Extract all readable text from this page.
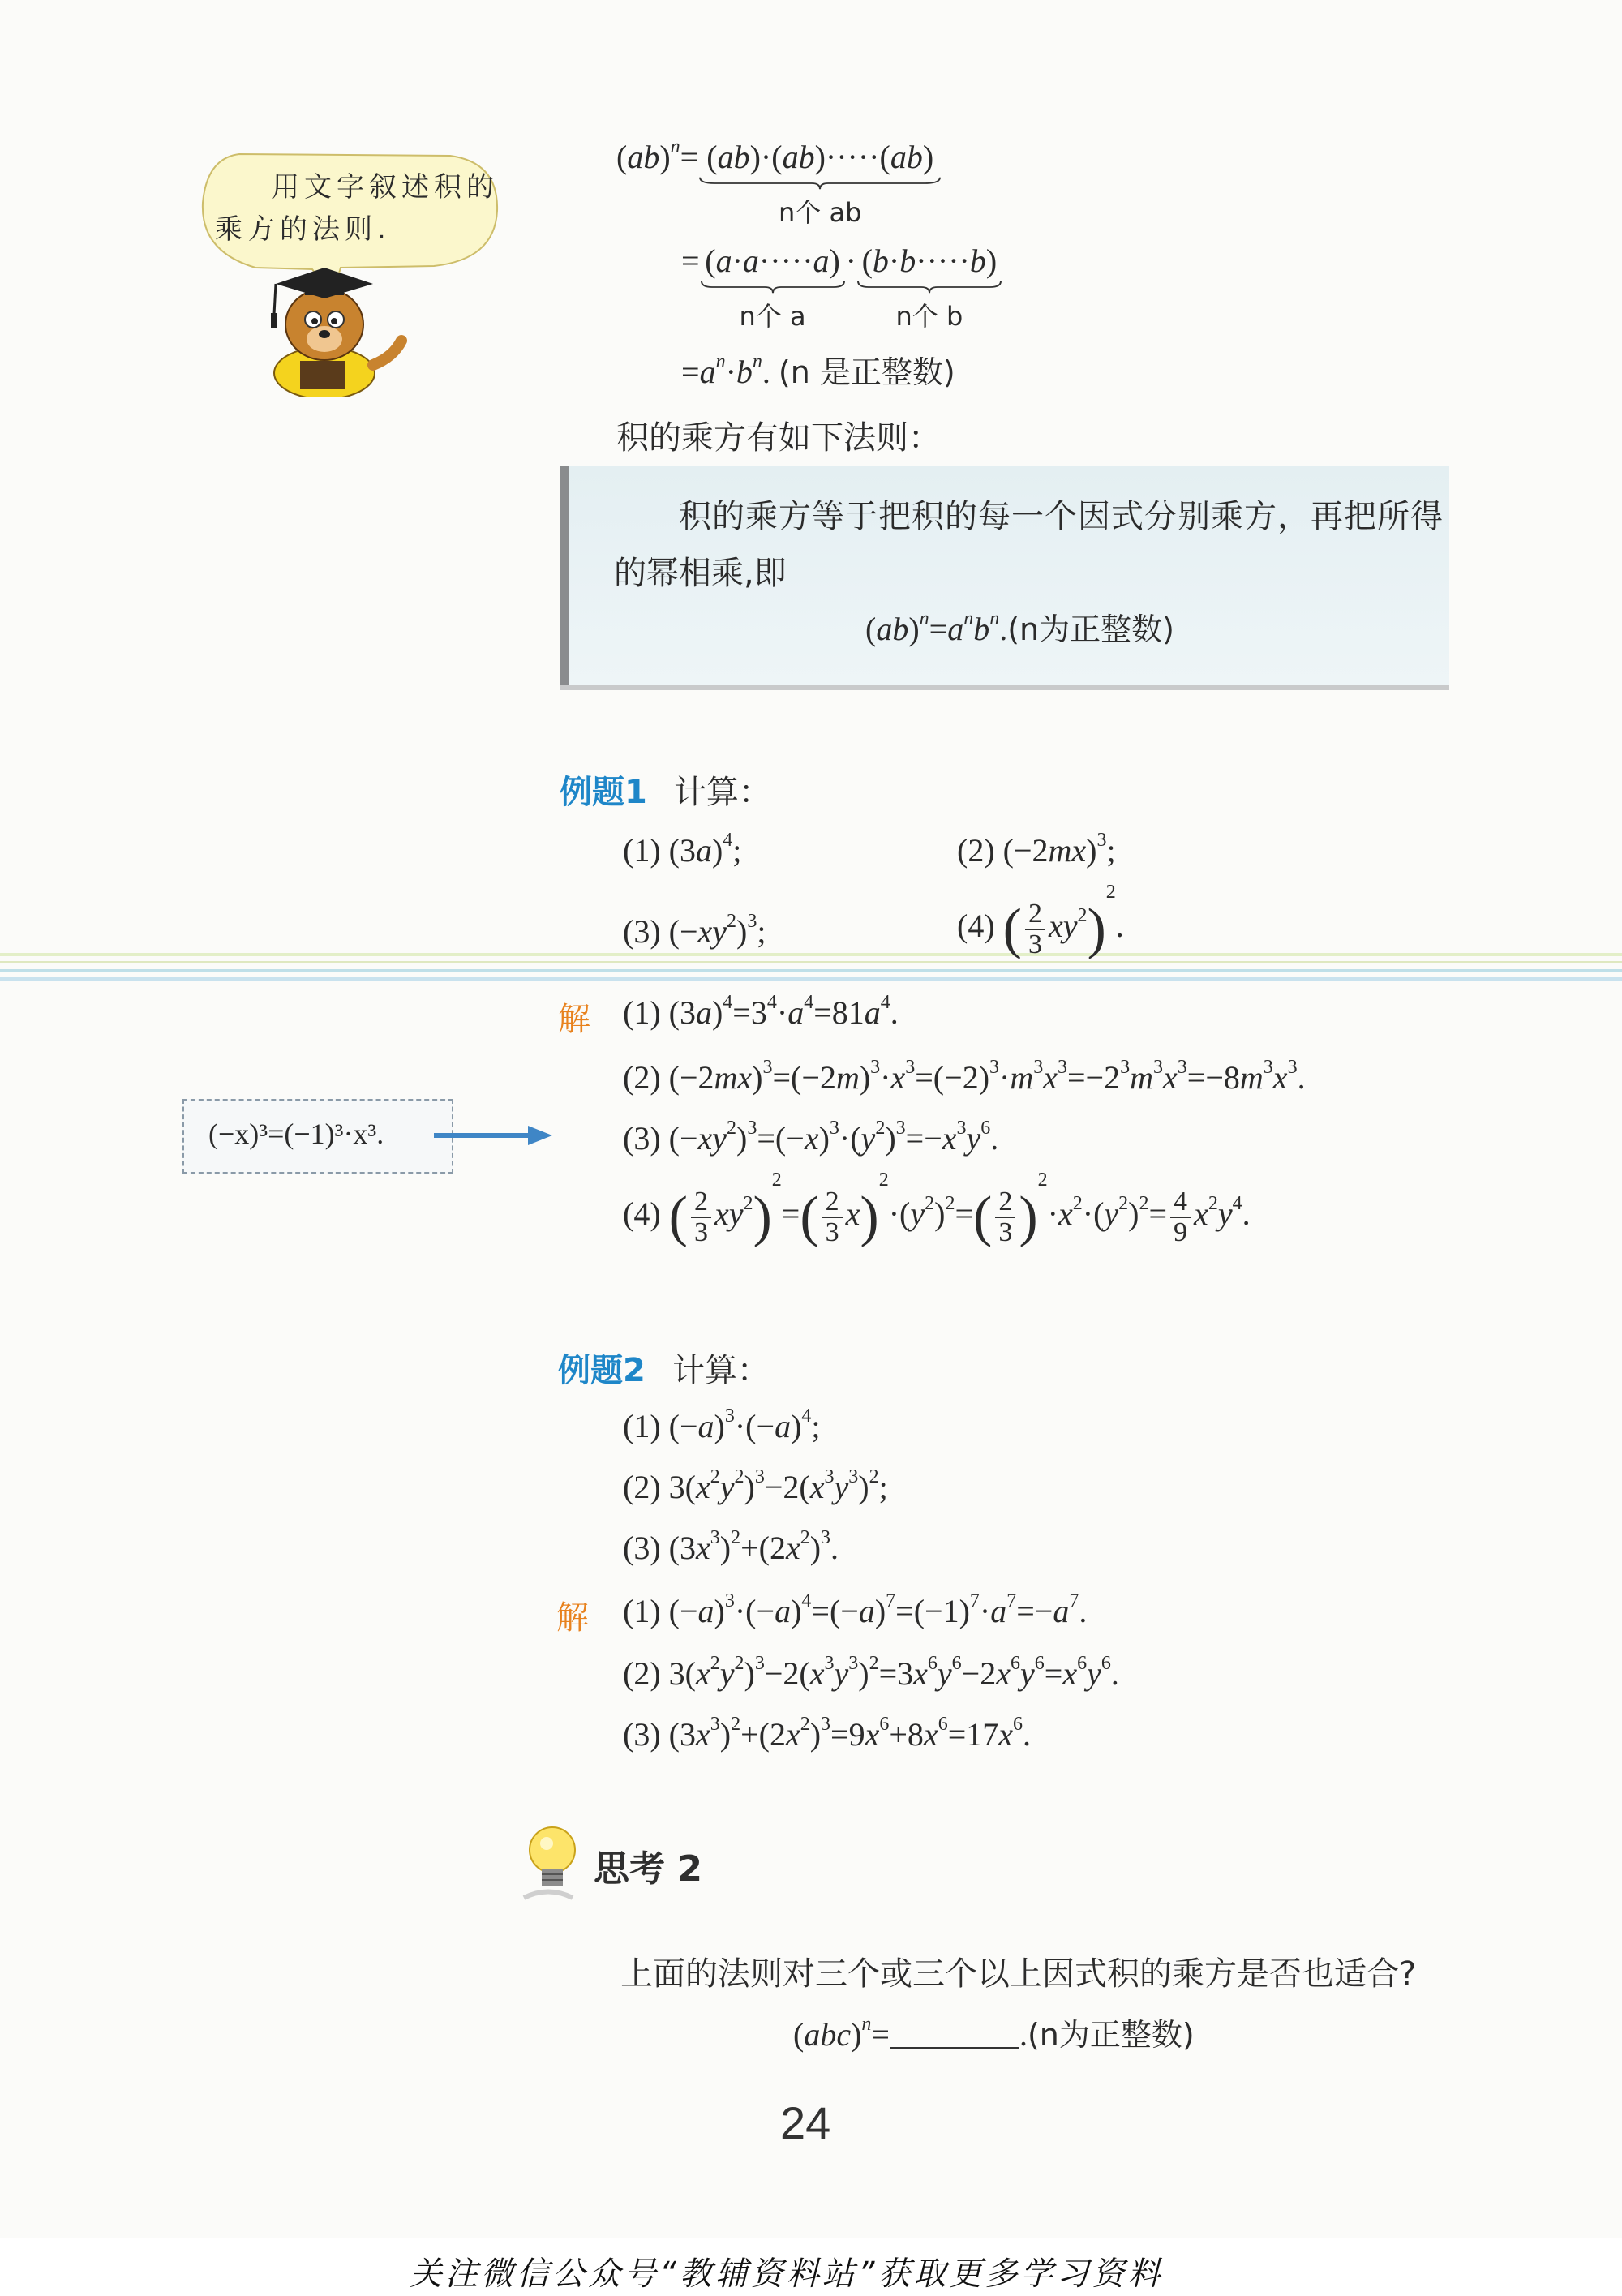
用文字叙述积的
乘方的法则.
(ab)$^n$= (ab)·(ab)·····(ab)
n个 ab
= (a·a·····a)
n个 a
· (b·b·····b)
n个 b
$=a^n\cdot b^n$. (n 是正整数)
积的乘方有如下法则：
积的乘方等于把积的每一个因式分别乘方，再把所得
的幂相乘,即
$(ab)^n=a^nb^n.(n$为正整数)
例题1 计算：
(1) $(3a)^4$;	(2) $(-2mx)^3$;
(3) $(-xy^2)^3$;	(4) ( $\frac{2}{3} xy^2)^2$.
解 (1) $(3a)^4=3^4\cdot a^4=81a^4$.
(2) $(-2mx)^3=(-2m)^3\cdot x^3=(-2)^3\cdot m^3x^3=-2^3m^3x^3=-8m^3x^3$.
(3) $(-xy^2)^3=(-x)^3\cdot(y^2)^3=-x^3y^6$.
(4) ( $\frac{2}{3} xy^2)^2=( \frac{2}{3} x)^2\cdot(y^2)^2=( \frac{2}{3} )^2\cdot x^2\cdot(y^2)^2= \frac{4}{9} x^2y^4$.
(−x)³=(−1)³·x³.
例题2 计算：
(1) $(-a)^3\cdot(-a)^4$;
(2) $3(x^2y^2)^3-2(x^3y^3)^2$;
(3) $(3x^3)^2+(2x^2)^3$.
解 (1) $(-a)^3\cdot(-a)^4=(-a)^7=(-1)^7\cdot a^7=-a^7$.
(2) $3(x^2y^2)^3-2(x^3y^3)^2=3x^6y^6-2x^6y^6=x^6y^6$.
(3) $(3x^3)^2+(2x^2)^3=9x^6+8x^6=17x^6$.
思考 2
上面的法则对三个或三个以上因式积的乘方是否也适合?
(abc)$^n$=	.(n为正整数)
24
关注微信公众号“教辅资料站”获取更多学习资料
